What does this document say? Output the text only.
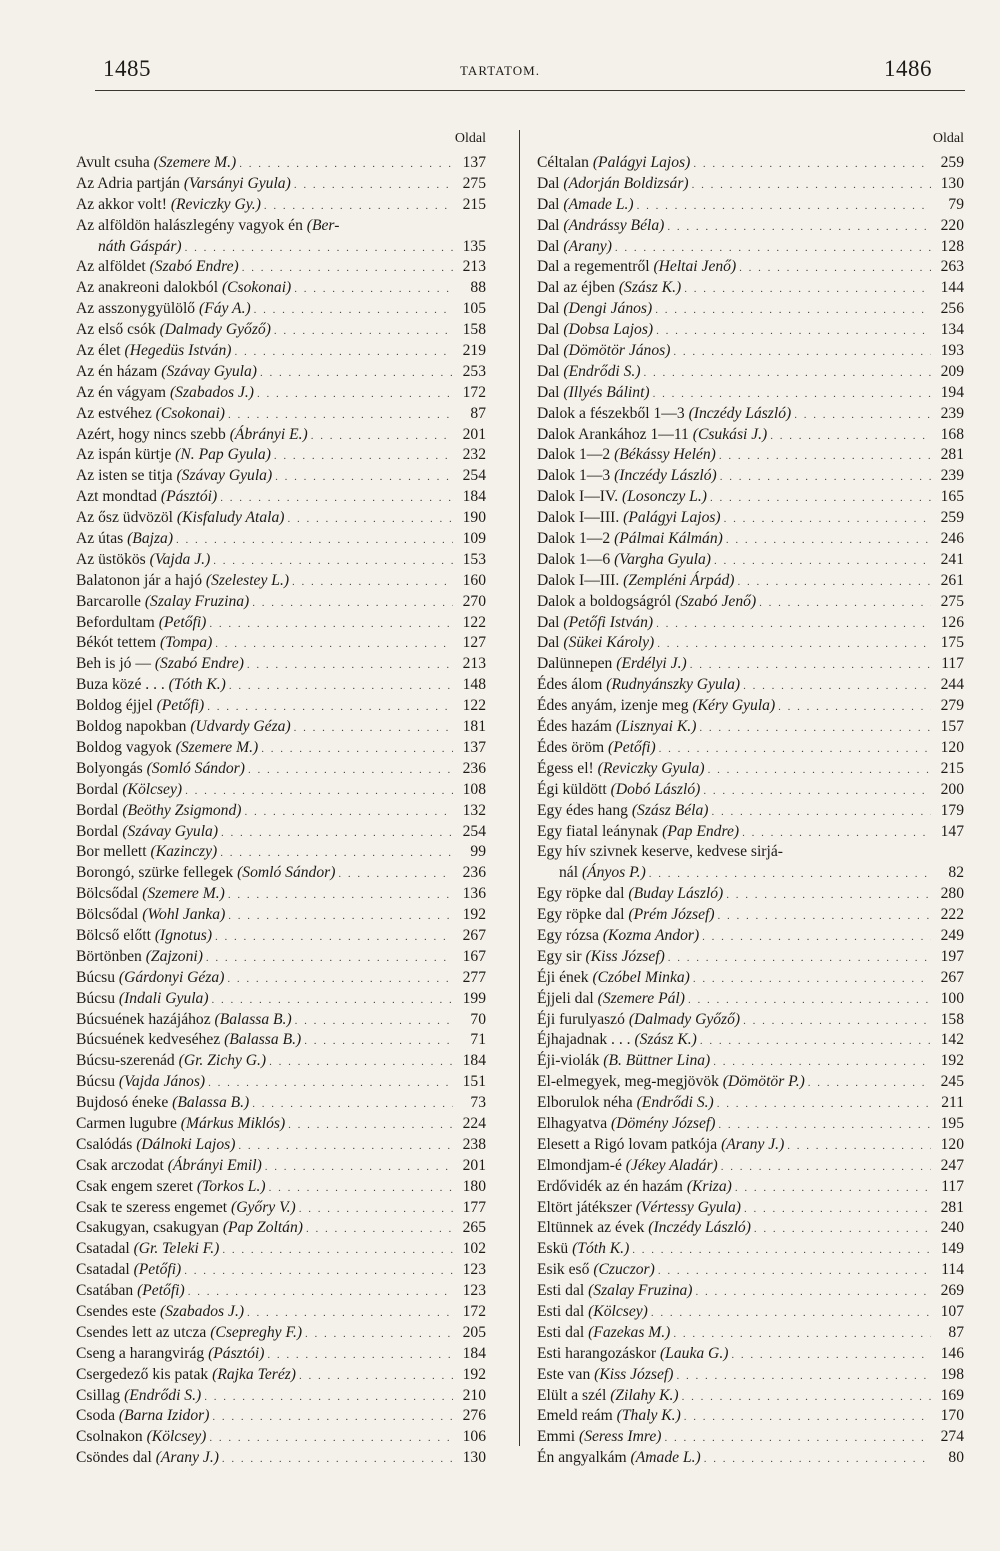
1485	TARTATOM.	1486
Oldal
Avult csuha (Szemere M.) . . .	137
Az Adria partján (Varsányi Gyula) . . .	275
Az akkor volt! (Reviczky Gy.) . . .	215
Az alföldön halászlegény vagyok én (Ber-
náth Gáspár) . . .	135
Az alföldet (Szabó Endre) . . .	213
Az anakreoni dalokból (Csokonai) . . .	88
Az asszonygyülölő (Fáy A.) . . .	105
Az első csók (Dalmady Győző) . . .	158
Az élet (Hegedüs István) . . .	219
Az én házam (Szávay Gyula) . . .	253
Az én vágyam (Szabados J.) . . .	172
Az estvéhez (Csokonai) . . .	87
Azért, hogy nincs szebb (Ábrányi E.) . . .	201
Az ispán kürtje (N. Pap Gyula) . . .	232
Az isten se titja (Szávay Gyula) . . .	254
Azt mondtad (Pásztói) . . .	184
Az ősz üdvözöl (Kisfaludy Atala) . . .	190
Az útas (Bajza) . . .	109
Az üstökös (Vajda J.) . . .	153
Balatonon jár a hajó (Szelestey L.) . . .	160
Barcarolle (Szalay Fruzina) . . .	270
Befordultam (Petőfi) . . .	122
Békót tettem (Tompa) . . .	127
Beh is jó — (Szabó Endre) . . .	213
Buza közé . . . (Tóth K.) . . .	148
Boldog éjjel (Petőfi) . . .	122
Boldog napokban (Udvardy Géza) . . .	181
Boldog vagyok (Szemere M.) . . .	137
Bolyongás (Somló Sándor) . . .	236
Bordal (Kölcsey) . . .	108
Bordal (Beöthy Zsigmond) . . .	132
Bordal (Szávay Gyula) . . .	254
Bor mellett (Kazinczy) . . .	99
Borongó, szürke fellegek (Somló Sándor) . . .	236
Bölcsődal (Szemere M.) . . .	136
Bölcsődal (Wohl Janka) . . .	192
Bölcső előtt (Ignotus) . . .	267
Börtönben (Zajzoni) . . .	167
Búcsu (Gárdonyi Géza) . . .	277
Búcsu (Indali Gyula) . . .	199
Búcsuének hazájához (Balassa B.) . . .	70
Búcsuének kedveséhez (Balassa B.) . . .	71
Búcsu-szerenád (Gr. Zichy G.) . . .	184
Búcsu (Vajda János) . . .	151
Bujdosó éneke (Balassa B.) . . .	73
Carmen lugubre (Márkus Miklós) . . .	224
Csalódás (Dálnoki Lajos) . . .	238
Csak arczodat (Ábrányi Emil) . . .	201
Csak engem szeret (Torkos L.) . . .	180
Csak te szeress engemet (Győry V.) . . .	177
Csakugyan, csakugyan (Pap Zoltán) . . .	265
Csatadal (Gr. Teleki F.) . . .	102
Csatadal (Petőfi) . . .	123
Csatában (Petőfi) . . .	123
Csendes este (Szabados J.) . . .	172
Csendes lett az utcza (Csepreghy F.) . . .	205
Cseng a harangvirág (Pásztói) . . .	184
Csergedező kis patak (Rajka Teréz) . . .	192
Csillag (Endrődi S.) . . .	210
Csoda (Barna Izidor) . . .	276
Csolnakon (Kölcsey) . . .	106
Csöndes dal (Arany J.) . . .	130
Oldal
Céltalan (Palágyi Lajos) . . .	259
Dal (Adorján Boldizsár) . . .	130
Dal (Amade L.) . . .	79
Dal (Andrássy Béla) . . .	220
Dal (Arany) . . .	128
Dal a regementről (Heltai Jenő) . . .	263
Dal az éjben (Szász K.) . . .	144
Dal (Dengi János) . . .	256
Dal (Dobsa Lajos) . . .	134
Dal (Dömötör János) . . .	193
Dal (Endrődi S.) . . .	209
Dal (Illyés Bálint) . . .	194
Dalok a fészekből 1—3 (Inczédy László) . . .	239
Dalok Arankához 1—11 (Csukási J.) . . .	168
Dalok 1—2 (Békássy Helén) . . .	281
Dalok 1—3 (Inczédy László) . . .	239
Dalok I—IV. (Losonczy L.) . . .	165
Dalok I—III. (Palágyi Lajos) . . .	259
Dalok 1—2 (Pálmai Kálmán) . . .	246
Dalok 1—6 (Vargha Gyula) . . .	241
Dalok I—III. (Zempléni Árpád) . . .	261
Dalok a boldogságról (Szabó Jenő) . . .	275
Dal (Petőfi István) . . .	126
Dal (Sükei Károly) . . .	175
Dalünnepen (Erdélyi J.) . . .	117
Édes álom (Rudnyánszky Gyula) . . .	244
Édes anyám, izenje meg (Kéry Gyula) . . .	279
Édes hazám (Lisznyai K.) . . .	157
Édes öröm (Petőfi) . . .	120
Égess el! (Reviczky Gyula) . . .	215
Égi küldött (Dobó László) . . .	200
Egy édes hang (Szász Béla) . . .	179
Egy fiatal leánynak (Pap Endre) . . .	147
Egy hív szivnek keserve, kedvese sirjá-
nál (Ányos P.) . . .	82
Egy röpke dal (Buday László) . . .	280
Egy röpke dal (Prém József) . . .	222
Egy rózsa (Kozma Andor) . . .	249
Egy sir (Kiss József) . . .	197
Éji ének (Czóbel Minka) . . .	267
Éjjeli dal (Szemere Pál) . . .	100
Éji furulyaszó (Dalmady Győző) . . .	158
Éjhajadnak . . . (Szász K.) . . .	142
Éji-violák (B. Büttner Lina) . . .	192
El-elmegyek, meg-megjövök (Dömötör P.) . . .	245
Elborulok néha (Endrődi S.) . . .	211
Elhagyatva (Dömény József) . . .	195
Elesett a Rigó lovam patkója (Arany J.) . . .	120
Elmondjam-é (Jékey Aladár) . . .	247
Erdővidék az én hazám (Kriza) . . .	117
Eltört játékszer (Vértessy Gyula) . . .	281
Eltünnek az évek (Inczédy László) . . .	240
Eskü (Tóth K.) . . .	149
Esik eső (Czuczor) . . .	114
Esti dal (Szalay Fruzina) . . .	269
Esti dal (Kölcsey) . . .	107
Esti dal (Fazekas M.) . . .	87
Esti harangozáskor (Lauka G.) . . .	146
Este van (Kiss József) . . .	198
Elült a szél (Zilahy K.) . . .	169
Emeld reám (Thaly K.) . . .	170
Emmi (Seress Imre) . . .	274
Én angyalkám (Amade L.) . . .	80
